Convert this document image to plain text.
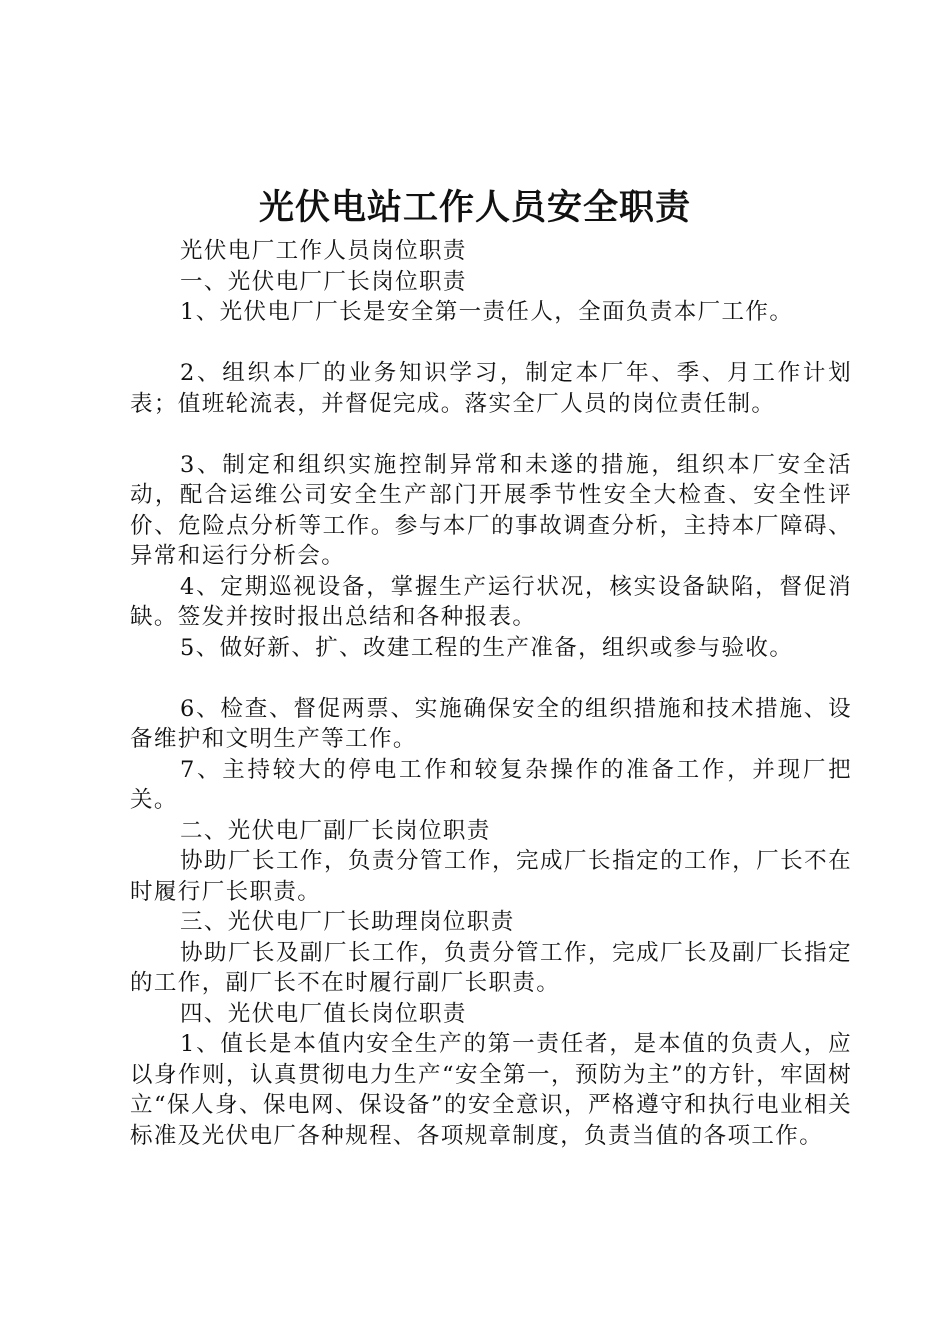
光伏电站工作人员安全职责

光伏电厂工作人员岗位职责

一、光伏电厂厂长岗位职责

1、光伏电厂厂长是安全第一责任人，全面负责本厂工作。

2、组织本厂的业务知识学习，制定本厂年、季、月工作计划表；值班轮流表，并督促完成。落实全厂人员的岗位责任制。

3、制定和组织实施控制异常和未遂的措施，组织本厂安全活动，配合运维公司安全生产部门开展季节性安全大检查、安全性评价、危险点分析等工作。参与本厂的事故调查分析，主持本厂障碍、异常和运行分析会。

4、定期巡视设备，掌握生产运行状况，核实设备缺陷，督促消缺。签发并按时报出总结和各种报表。

5、做好新、扩、改建工程的生产准备，组织或参与验收。

6、检查、督促两票、实施确保安全的组织措施和技术措施、设备维护和文明生产等工作。

7、主持较大的停电工作和较复杂操作的准备工作，并现厂把关。

二、光伏电厂副厂长岗位职责

协助厂长工作，负责分管工作，完成厂长指定的工作，厂长不在时履行厂长职责。

三、光伏电厂厂长助理岗位职责

协助厂长及副厂长工作，负责分管工作，完成厂长及副厂长指定的工作，副厂长不在时履行副厂长职责。

四、光伏电厂值长岗位职责

1、值长是本值内安全生产的第一责任者，是本值的负责人，应以身作则，认真贯彻电力生产“安全第一，预防为主”的方针，牢固树立“保人身、保电网、保设备”的安全意识，严格遵守和执行电业相关标准及光伏电厂各种规程、各项规章制度，负责当值的各项工作。
